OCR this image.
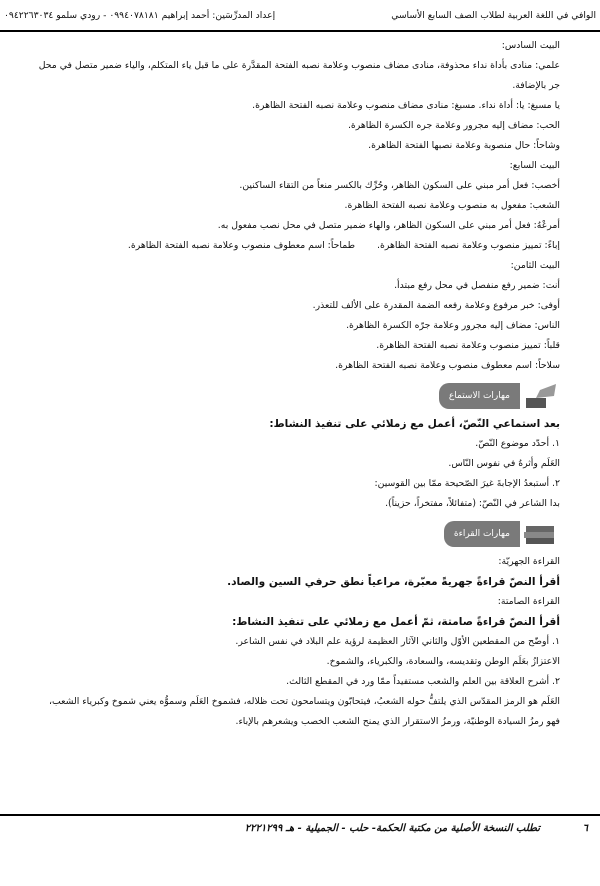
الوافي في اللغة العربية لطلاب الصف السابع الأساسي
إعداد المدرِّسَين: أحمد إبراهيم ٠٩٩٤٠٧٨١٨١ - رودي سلمو ٠٩٤٢٢٦٣٠٣٤
البيت السادس:
علمي: منادى بأداة نداء محذوفة، منادى مضاف منصوب وعلامة نصبه الفتحة المقدَّرة على ما قبل ياء المتكلم، والياء ضمير متصل في محل جر بالإضافة.
يا مسبغ: يا: أداة نداء. مسبغ: منادى مضاف منصوب وعلامة نصبه الفتحة الظاهرة.
الحب: مضاف إليه مجرور وعلامة جره الكسرة الظاهرة.
وشاحاً: حال منصوبة وعلامة نصبها الفتحة الظاهرة.
البيت السابع:
أخصب: فعل أمر مبني على السكون الظاهر، وحُرِّك بالكسر منعاً من التقاء الساكنين.
الشعب: مفعول به منصوب وعلامة نصبه الفتحة الظاهرة.
أمرعْهُ: فعل أمر مبني على السكون الظاهر، والهاء ضمير متصل في محل نصب مفعول به.
إباءً: تمييز منصوب وعلامة نصبه الفتحة الظاهرة.
طماحاً: اسم معطوف منصوب وعلامة نصبه الفتحة الظاهرة.
البيت الثامن:
أنت: ضمير رفع منفصل في محل رفع مبتدأ.
أوفى: خبر مرفوع وعلامة رفعه الضمة المقدرة على الألف للتعذر.
الناس: مضاف إليه مجرور وعلامة جرّه الكسرة الظاهرة.
قلباً: تمييز منصوب وعلامة نصبه الفتحة الظاهرة.
سلاحاً: اسم معطوف منصوب وعلامة نصبه الفتحة الظاهرة.
مهارات الاستماع
بعد استماعي النّصّ، أعمل مع زملائي على تنفيذ النشاط:
١. أحدّد موضوع النّصّ.
العَلَم وأثرهُ في نفوس النّاس.
٢. أستبعدُ الإجابةَ غيرَ الصّحيحة ممّا بين القوسين:
بدا الشاعر في النّصّ: (متفائلاً، مفتخراً، حزيناً).
مهارات القراءة
القراءة الجهريّة:
أقرأ النصّ قراءةً جهريةً معبّرة، مراعياً نطق حرفي السين والصاد.
القراءة الصامتة:
أقرأ النصّ قراءةً صامتة، ثمّ أعمل مع زملائي على تنفيذ النشاط:
١. أوضّح من المقطعين الأوّل والثاني الآثار العظيمة لرؤية علم البلاد في نفس الشاعر.
الاعتزازُ بعَلَم الوطن وتقديسه، والسعادة، والكبرياء، والشموخ.
٢. أشرح العلاقة بين العلم والشعب مستفيداً ممّا ورد في المقطع الثالث.
العَلَم هو الرمز المقدّس الذي يلتفُّ حوله الشعبُ، فيتحابّون ويتسامحون تحت ظلاله، فشموخ العَلَم وسموُّه يعني شموخ وكبرياء الشعب، فهو رمزُ السيادة الوطنيّة، ورمزُ الاستقرار الذي يمنح الشعب الخصب ويشعرهم بالإباء.
تطلب النسخة الأصلية من مكتبة الحكمة- حلب - الجميلية - هـ ٢٢٢١٢٩٩	٦
